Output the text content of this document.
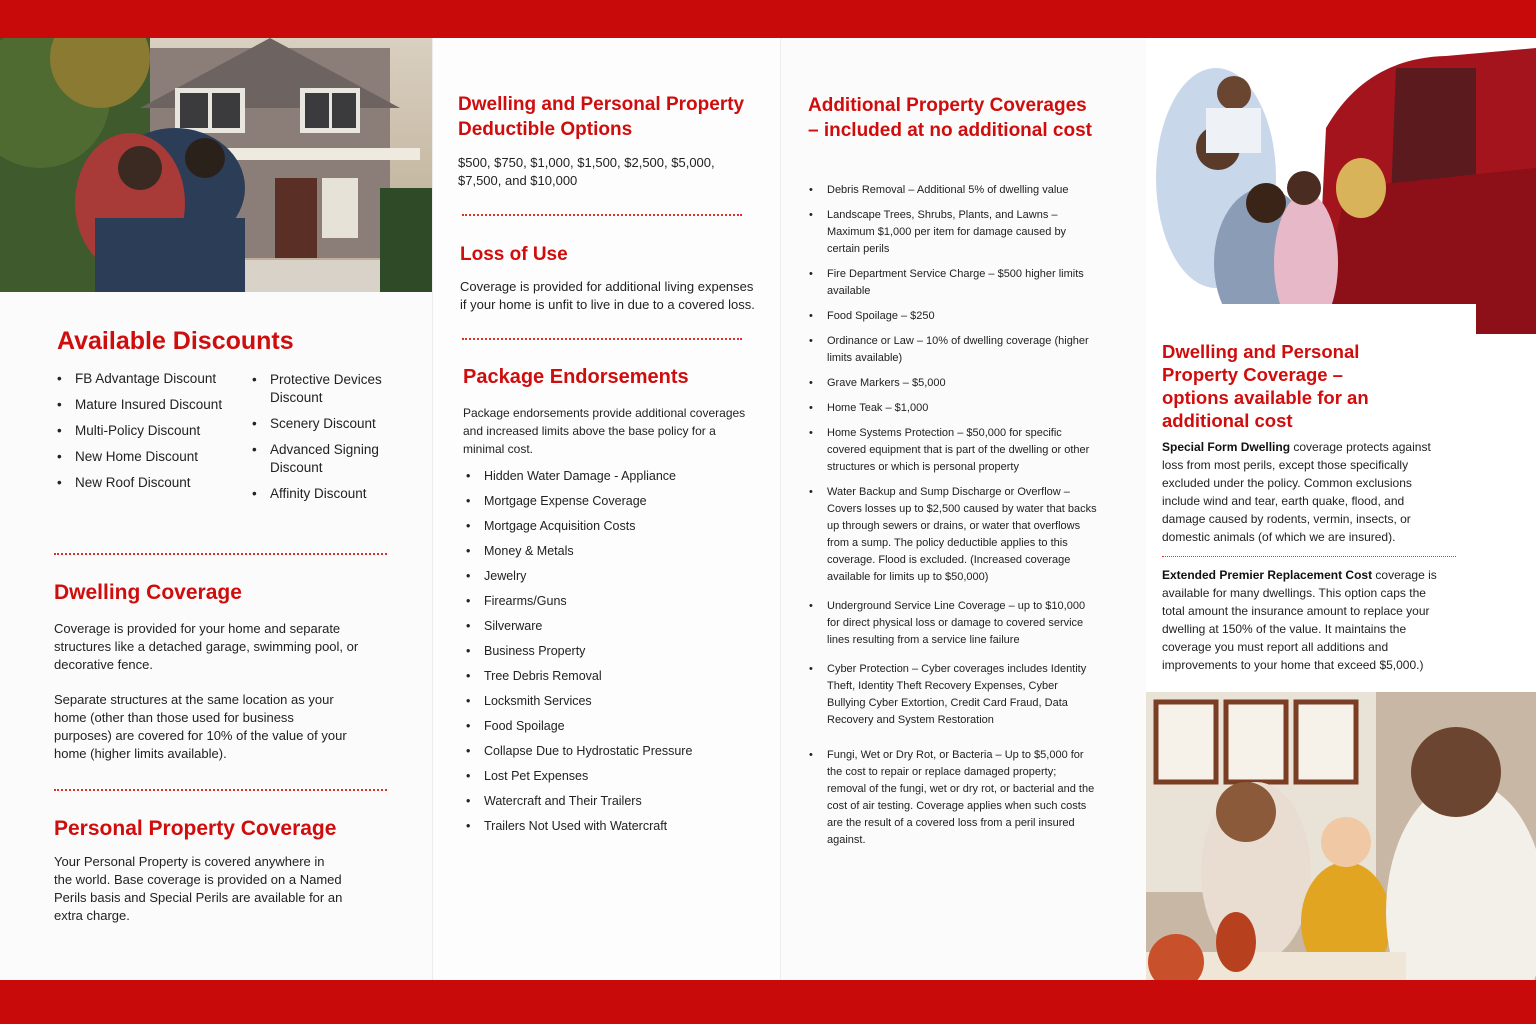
Available Discounts
• FB Advantage Discount
• Mature Insured Discount
• Multi-Policy Discount
• New Home Discount
• New Roof Discount
• Protective Devices Discount
• Scenery Discount
• Advanced Signing Discount
• Affinity Discount
Dwelling Coverage

Coverage is provided for your home and separate structures like a detached garage, swimming pool, or decorative fence.

Separate structures at the same location as your home (other than those used for business purposes) are covered for 10% of the value of your home (higher limits available).

Personal Property Coverage

Your Personal Property is covered anywhere in the world. Base coverage is provided on a Named Perils basis and Special Perils are available for an extra charge.

Dwelling and Personal Property Deductible Options

$500, $750, $1,000, $1,500, $2,500, $5,000, $7,500, and $10,000

Loss of Use

Coverage is provided for additional living expenses if your home is unfit to live in due to a covered loss.

Package Endorsements

Package endorsements provide additional coverages and increased limits above the base policy for a minimal cost.

• Hidden Water Damage - Appliance
• Mortgage Expense Coverage
• Mortgage Acquisition Costs
• Money & Metals
• Jewelry
• Firearms/Guns
• Silverware
• Business Property
• Tree Debris Removal
• Locksmith Services
• Food Spoilage
• Collapse Due to Hydrostatic Pressure
• Lost Pet Expenses
• Watercraft and Their Trailers
• Trailers Not Used with Watercraft
Additional Property Coverages – included at no additional cost
• Debris Removal – Additional 5% of dwelling value
• Landscape Trees, Shrubs, Plants, and Lawns – Maximum $1,000 per item for damage caused by certain perils
• Fire Department Service Charge – $500 higher limits available
• Food Spoilage – $250
• Ordinance or Law – 10% of dwelling coverage (higher limits available)
• Grave Markers – $5,000
• Home Teak – $1,000
• Home Systems Protection – $50,000 for specific covered equipment that is part of the dwelling or other structures or which is personal property
• Water Backup and Sump Discharge or Overflow – Covers losses up to $2,500 caused by water that backs up through sewers or drains, or water that overflows from a sump. The policy deductible applies to this coverage. Flood is excluded. (Increased coverage available for limits up to $50,000)
• Underground Service Line Coverage – up to $10,000 for direct physical loss or damage to covered service lines resulting from a service line failure
• Cyber Protection – Cyber coverages includes Identity Theft, Identity Theft Recovery Expenses, Cyber Bullying Cyber Extortion, Credit Card Fraud, Data Recovery and System Restoration
• Fungi, Wet or Dry Rot, or Bacteria – Up to $5,000 for the cost to repair or replace damaged property; removal of the fungi, wet or dry rot, or bacterial and the cost of air testing. Coverage applies when such costs are the result of a covered loss from a peril insured against.
Dwelling and Personal Property Coverage – options available for an additional cost

Special Form Dwelling coverage protects against loss from most perils, except those specifically excluded under the policy. Common exclusions include wind and tear, earth quake, flood, and damage caused by rodents, vermin, insects, or domestic animals (of which we are insured).

Extended Premier Replacement Cost coverage is available for many dwellings. This option caps the total amount the insurance amount to replace your dwelling at 150% of the value. It maintains the coverage you must report all additions and improvements to your home that exceed $5,000.)
